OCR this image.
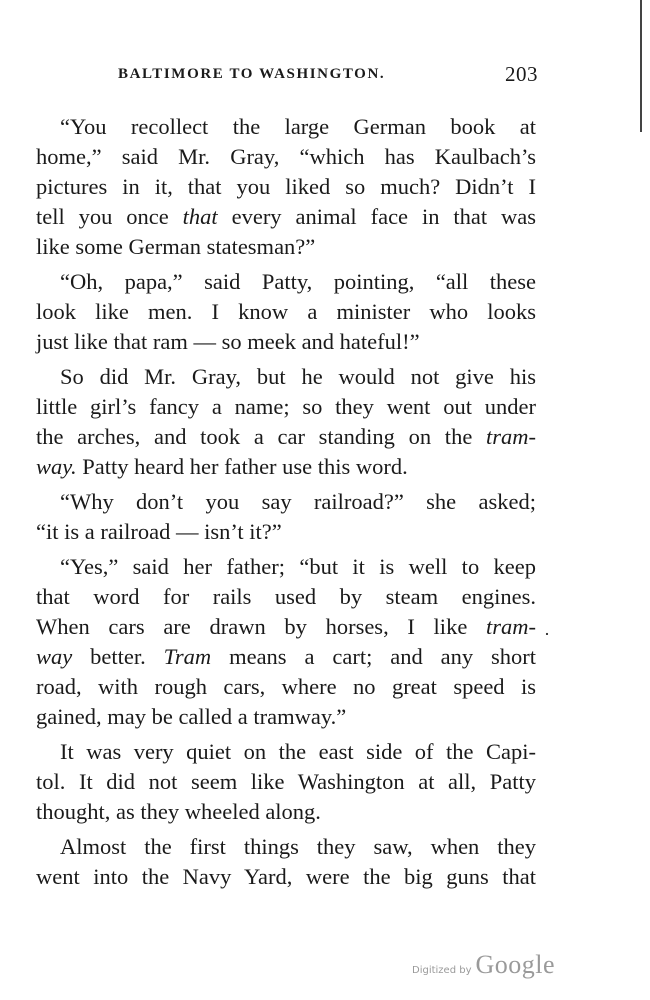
BALTIMORE TO WASHINGTON.	203
“You recollect the large German book at
home,” said Mr. Gray, “which has Kaulbach’s
pictures in it, that you liked so much? Didn’t I
tell you once that every animal face in that was
like some German statesman?”
“Oh, papa,” said Patty, pointing, “all these
look like men. I know a minister who looks
just like that ram — so meek and hateful!”
So did Mr. Gray, but he would not give his
little girl’s fancy a name; so they went out under
the arches, and took a car standing on the tram-
way. Patty heard her father use this word.
“Why don’t you say railroad?” she asked;
“it is a railroad — isn’t it?”
“Yes,” said her father; “but it is well to keep
that word for rails used by steam engines.
When cars are drawn by horses, I like tram-
way better. Tram means a cart; and any short
road, with rough cars, where no great speed is
gained, may be called a tramway.”
It was very quiet on the east side of the Capi-
tol. It did not seem like Washington at all, Patty
thought, as they wheeled along.
Almost the first things they saw, when they
went into the Navy Yard, were the big guns that
·
Digitized by Google
